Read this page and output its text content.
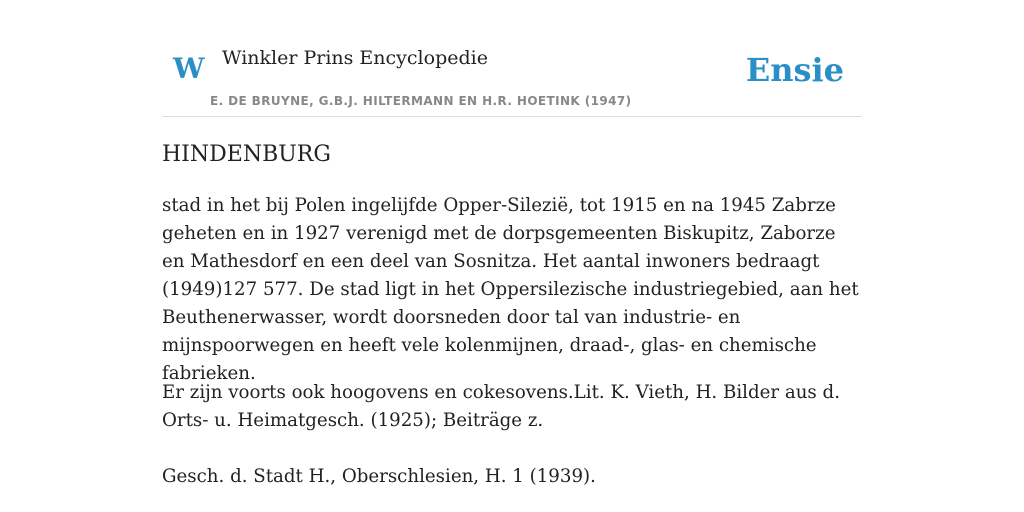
W Winkler Prins Encyclopedie
E. DE BRUYNE, G.B.J. HILTERMANN EN H.R. HOETINK (1947)
Ensie
HINDENBURG

stad in het bij Polen ingelijfde Opper-Silezië, tot 1915 en na 1945 Zabrze geheten en in 1927 verenigd met de dorpsgemeenten Biskupitz, Zaborze en Mathesdorf en een deel van Sosnitza. Het aantal inwoners bedraagt (1949)127 577. De stad ligt in het Oppersilezische industriegebied, aan het Beuthenerwasser, wordt doorsneden door tal van industrie- en mijnspoorwegen en heeft vele kolenmijnen, draad-, glas- en chemische fabrieken.

Er zijn voorts ook hoogovens en cokesovens.Lit. K. Vieth, H. Bilder aus d. Orts- u. Heimatgesch. (1925); Beiträge z.

Gesch. d. Stadt H., Oberschlesien, H. 1 (1939).
